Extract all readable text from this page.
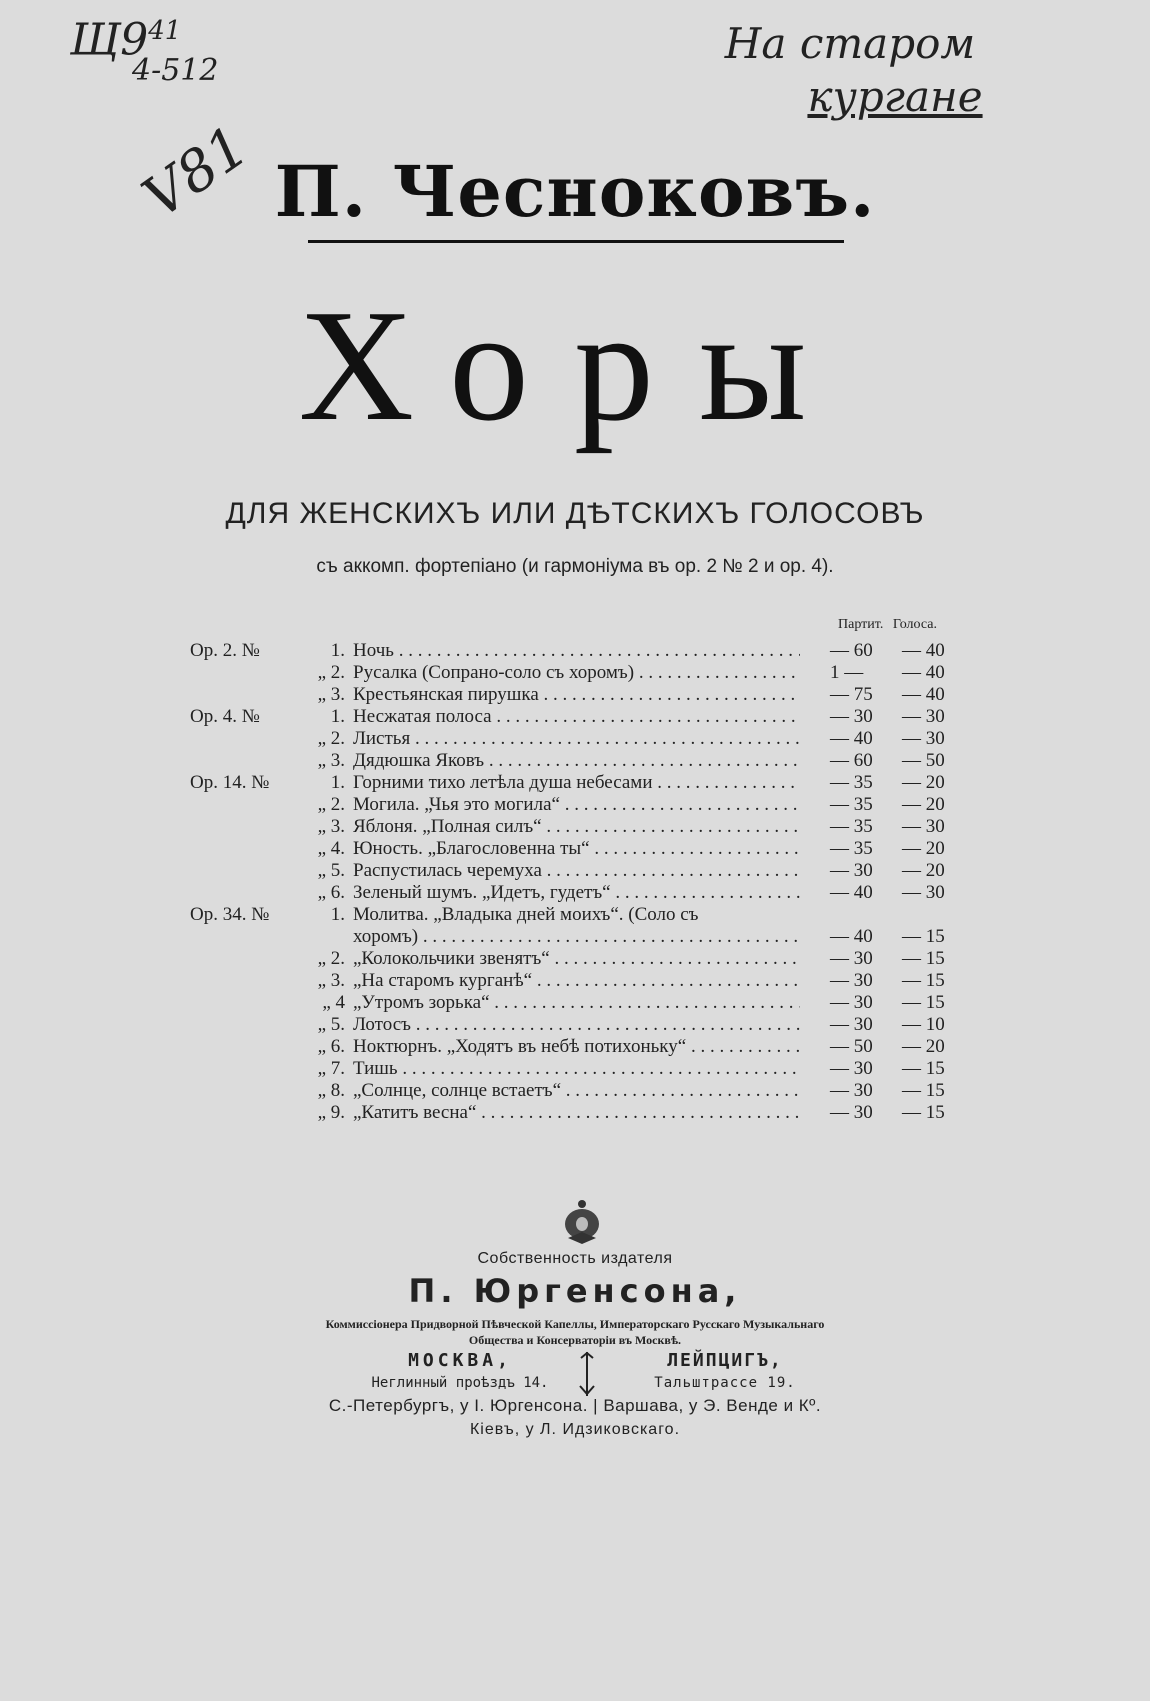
$Щ9^{41}$
4-512
На старом
кургане
V81 П. Чесноковъ.
Хоры
ДЛЯ ЖЕНСКИХЪ ИЛИ ДѢТСКИХЪ ГОЛОСОВЪ
съ аккомп. фортепіано (и гармоніума въ ор. 2 № 2 и ор. 4).
Партит. Голоса.
Ор. 2. №	1. Ночь . . .	— 60	— 40
„ 2. Русалка (Сопрано-соло съ хоромъ) . . .	1 —	— 40
„ 3. Крестьянская пирушка . . .	— 75	— 40
Ор. 4. №	1. Несжатая полоса . . .	— 30	— 30
„ 2. Листья . . .	— 40	— 30
„ 3. Дядюшка Яковъ . . .	— 60	— 50
Ор. 14. №	1. Горними тихо летѣла душа небесами . . .	— 35	— 20
„ 2. Могила. „Чья это могила“ . . .	— 35	— 20
„ 3. Яблоня. „Полная силъ“ . . .	— 35	— 30
„ 4. Юность. „Благословенна ты“ . . .	— 35	— 20
„ 5. Распустилась черемуха . . .	— 30	— 20
„ 6. Зеленый шумъ. „Идетъ, гудетъ“ . . .	— 40	— 30
Ор. 34. №	1. Молитва. „Владыка дней моихъ“. (Соло съ
хоромъ) . . .	— 40	— 15
„ 2. „Колокольчики звенятъ“ . . .	— 30	— 15
„ 3. „На старомъ курганѣ“ . . .	— 30	— 15
„ 4 „Утромъ зорька“ . . .	— 30	— 15
„ 5. Лотосъ . . .	— 30	— 10
„ 6. Ноктюрнъ. „Ходятъ въ небѣ потихоньку“ . . .	— 50	— 20
„ 7. Тишь . . .	— 30	— 15
„ 8. „Солнце, солнце встаетъ“ . . .	— 30	— 15
„ 9. „Катитъ весна“ . . .	— 30	— 15
Собственность издателя
П. Юргенсона,
Коммиссіонера Придворной Пѣвческой Капеллы, Императорскаго Русскаго Музыкальнаго
Общества и Консерваторіи въ Москвѣ.
МОСКВА,
Неглинный проѣздъ 14.
ЛЕЙПЦИГЪ,
Тальштрассе 19.
С.-Петербургъ, у І. Юргенсона. | Варшава, у Э. Венде и Кº.
Кіевъ, у Л. Идзиковскаго.
